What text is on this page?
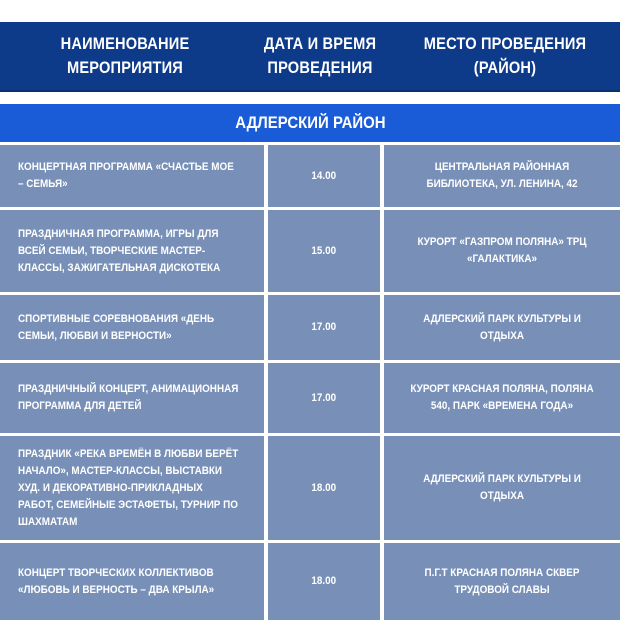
НАИМЕНОВАНИЕ МЕРОПРИЯТИЯ
ДАТА И ВРЕМЯ ПРОВЕДЕНИЯ
МЕСТО ПРОВЕДЕНИЯ (РАЙОН)
АДЛЕРСКИЙ РАЙОН
КОНЦЕРТНАЯ ПРОГРАММА «СЧАСТЬЕ МОЕ – СЕМЬЯ»
14.00
ЦЕНТРАЛЬНАЯ РАЙОННАЯ БИБЛИОТЕКА, УЛ. ЛЕНИНА, 42
ПРАЗДНИЧНАЯ ПРОГРАММА, ИГРЫ ДЛЯ ВСЕЙ СЕМЬИ, ТВОРЧЕСКИЕ МАСТЕР-КЛАССЫ, ЗАЖИГАТЕЛЬНАЯ ДИСКОТЕКА
15.00
КУРОРТ «ГАЗПРОМ ПОЛЯНА» ТРЦ «ГАЛАКТИКА»
СПОРТИВНЫЕ СОРЕВНОВАНИЯ «ДЕНЬ СЕМЬИ, ЛЮБВИ И ВЕРНОСТИ»
17.00
АДЛЕРСКИЙ ПАРК КУЛЬТУРЫ И ОТДЫХА
ПРАЗДНИЧНЫЙ КОНЦЕРТ, АНИМАЦИОННАЯ ПРОГРАММА ДЛЯ ДЕТЕЙ
17.00
КУРОРТ КРАСНАЯ ПОЛЯНА, ПОЛЯНА 540, ПАРК «ВРЕМЕНА ГОДА»
ПРАЗДНИК «РЕКА ВРЕМЁН В ЛЮБВИ БЕРЁТ НАЧАЛО», МАСТЕР-КЛАССЫ, ВЫСТАВКИ ХУД. И ДЕКОРАТИВНО-ПРИКЛАДНЫХ РАБОТ, СЕМЕЙНЫЕ ЭСТАФЕТЫ, ТУРНИР ПО ШАХМАТАМ
18.00
АДЛЕРСКИЙ ПАРК КУЛЬТУРЫ И ОТДЫХА
КОНЦЕРТ ТВОРЧЕСКИХ КОЛЛЕКТИВОВ «ЛЮБОВЬ И ВЕРНОСТЬ – ДВА КРЫЛА»
18.00
П.Г.Т КРАСНАЯ ПОЛЯНА СКВЕР ТРУДОВОЙ СЛАВЫ
